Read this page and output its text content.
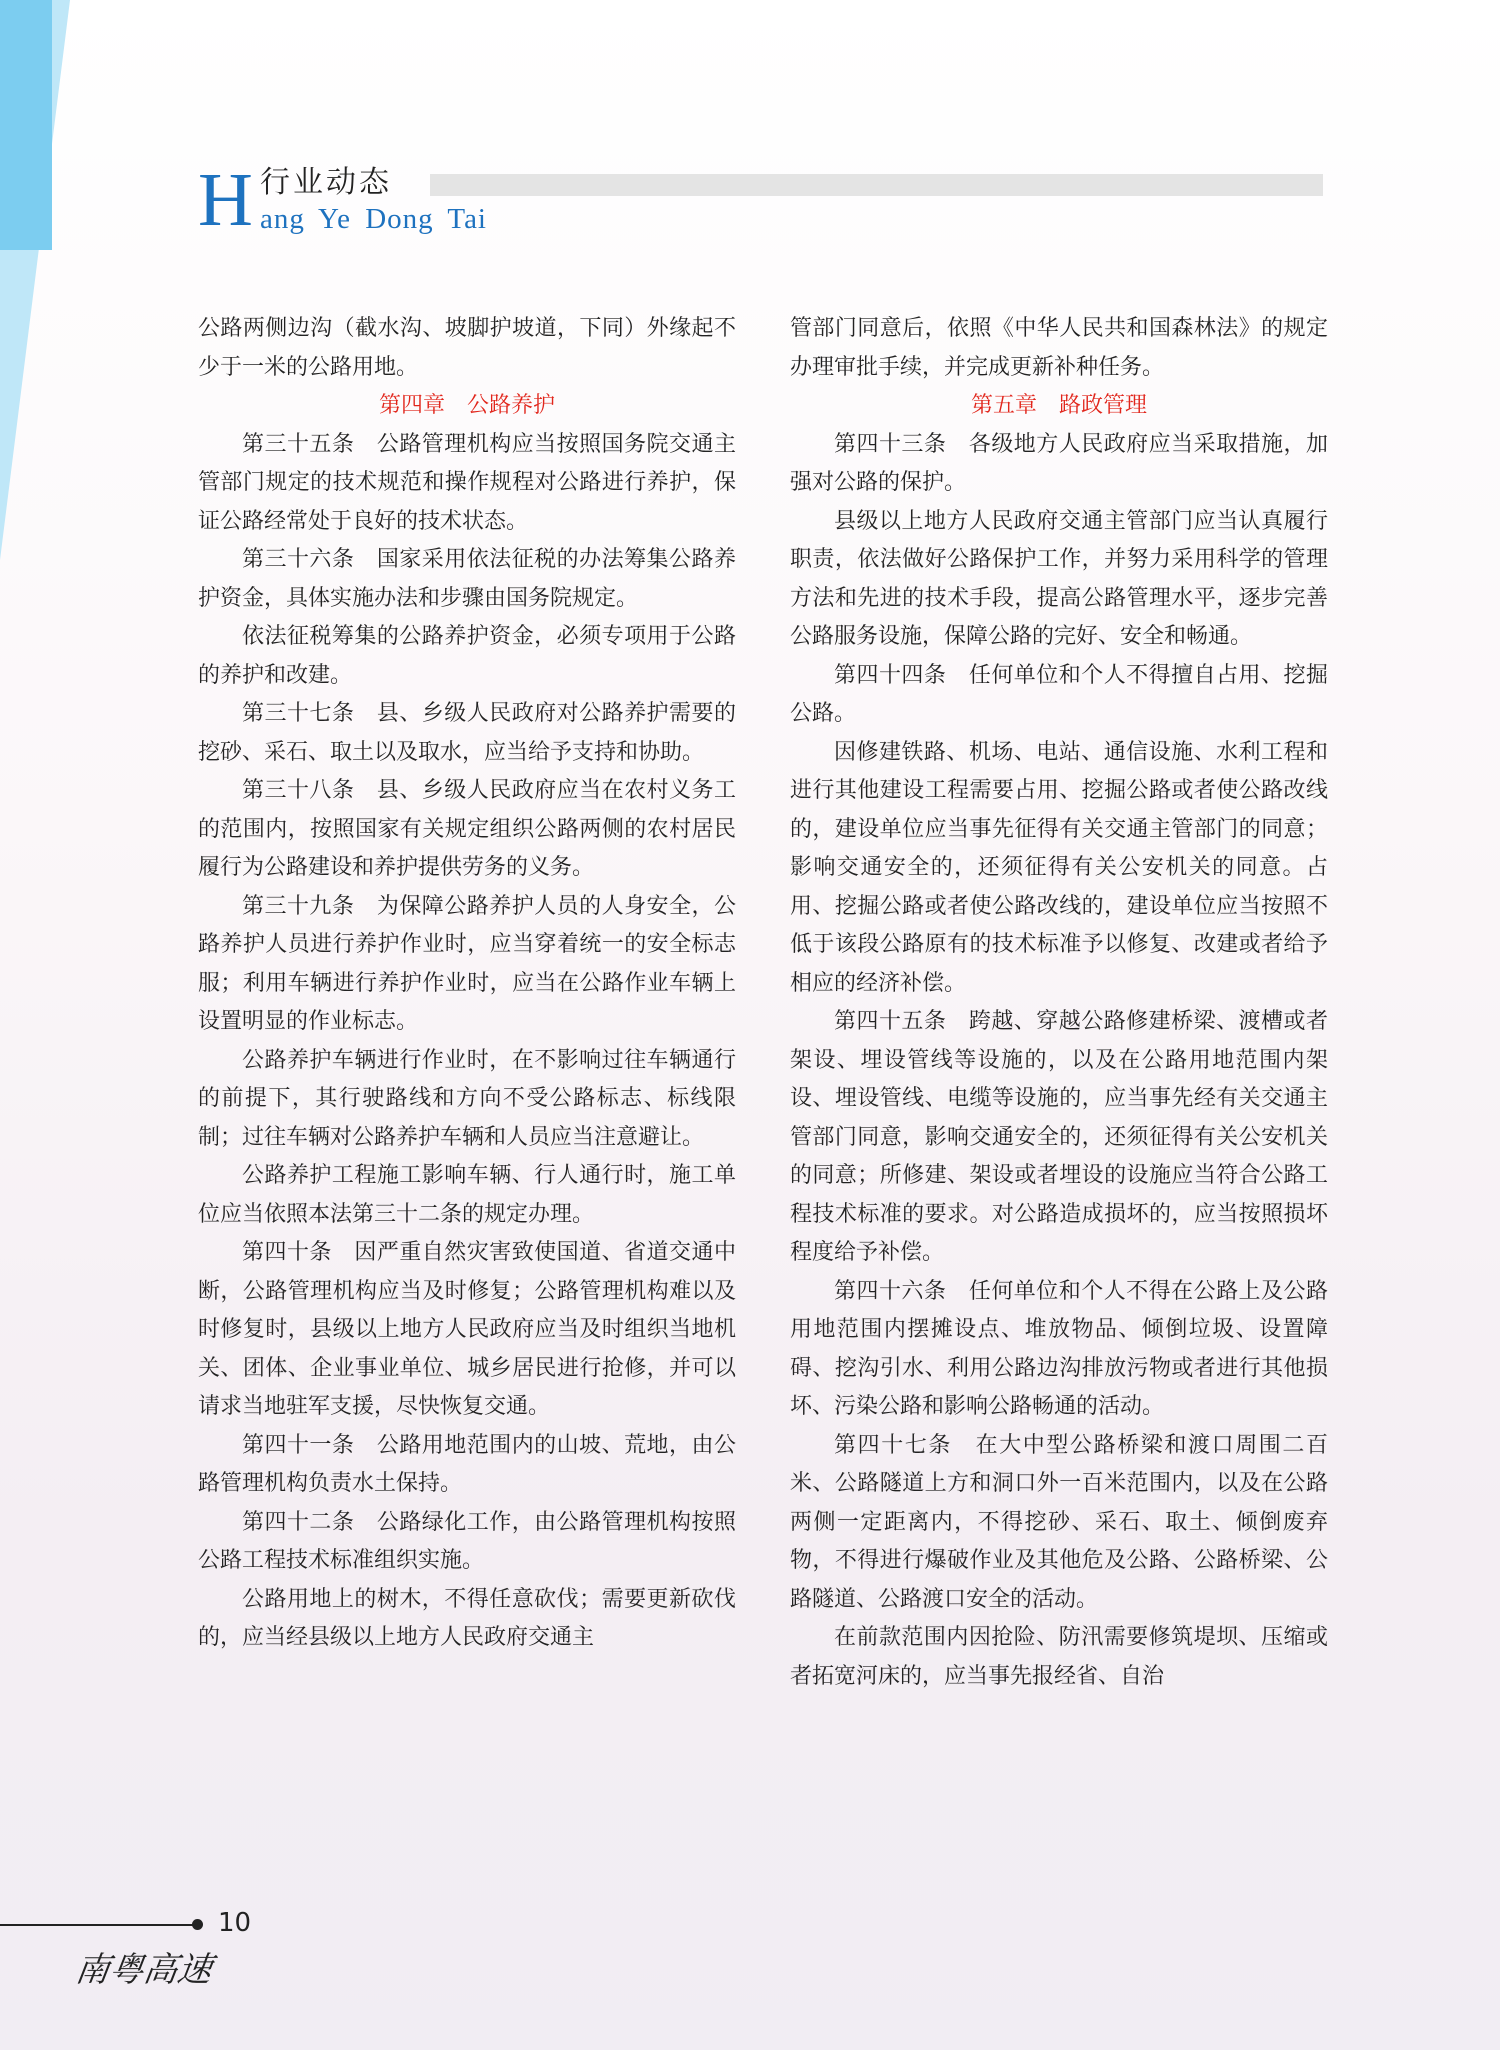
H 行业动态
ang Ye Dong Tai

公路两侧边沟（截水沟、坡脚护坡道，下同）外缘起不少于一米的公路用地。

第四章　公路养护

第三十五条　公路管理机构应当按照国务院交通主管部门规定的技术规范和操作规程对公路进行养护，保证公路经常处于良好的技术状态。

第三十六条　国家采用依法征税的办法筹集公路养护资金，具体实施办法和步骤由国务院规定。

依法征税筹集的公路养护资金，必须专项用于公路的养护和改建。

第三十七条　县、乡级人民政府对公路养护需要的挖砂、采石、取土以及取水，应当给予支持和协助。

第三十八条　县、乡级人民政府应当在农村义务工的范围内，按照国家有关规定组织公路两侧的农村居民履行为公路建设和养护提供劳务的义务。

第三十九条　为保障公路养护人员的人身安全，公路养护人员进行养护作业时，应当穿着统一的安全标志服；利用车辆进行养护作业时，应当在公路作业车辆上设置明显的作业标志。

公路养护车辆进行作业时，在不影响过往车辆通行的前提下，其行驶路线和方向不受公路标志、标线限制；过往车辆对公路养护车辆和人员应当注意避让。

公路养护工程施工影响车辆、行人通行时，施工单位应当依照本法第三十二条的规定办理。

第四十条　因严重自然灾害致使国道、省道交通中断，公路管理机构应当及时修复；公路管理机构难以及时修复时，县级以上地方人民政府应当及时组织当地机关、团体、企业事业单位、城乡居民进行抢修，并可以请求当地驻军支援，尽快恢复交通。

第四十一条　公路用地范围内的山坡、荒地，由公路管理机构负责水土保持。

第四十二条　公路绿化工作，由公路管理机构按照公路工程技术标准组织实施。

公路用地上的树木，不得任意砍伐；需要更新砍伐的，应当经县级以上地方人民政府交通主

管部门同意后，依照《中华人民共和国森林法》的规定办理审批手续，并完成更新补种任务。

第五章　路政管理

第四十三条　各级地方人民政府应当采取措施，加强对公路的保护。

县级以上地方人民政府交通主管部门应当认真履行职责，依法做好公路保护工作，并努力采用科学的管理方法和先进的技术手段，提高公路管理水平，逐步完善公路服务设施，保障公路的完好、安全和畅通。

第四十四条　任何单位和个人不得擅自占用、挖掘公路。

因修建铁路、机场、电站、通信设施、水利工程和进行其他建设工程需要占用、挖掘公路或者使公路改线的，建设单位应当事先征得有关交通主管部门的同意；影响交通安全的，还须征得有关公安机关的同意。占用、挖掘公路或者使公路改线的，建设单位应当按照不低于该段公路原有的技术标准予以修复、改建或者给予相应的经济补偿。

第四十五条　跨越、穿越公路修建桥梁、渡槽或者架设、埋设管线等设施的，以及在公路用地范围内架设、埋设管线、电缆等设施的，应当事先经有关交通主管部门同意，影响交通安全的，还须征得有关公安机关的同意；所修建、架设或者埋设的设施应当符合公路工程技术标准的要求。对公路造成损坏的，应当按照损坏程度给予补偿。

第四十六条　任何单位和个人不得在公路上及公路用地范围内摆摊设点、堆放物品、倾倒垃圾、设置障碍、挖沟引水、利用公路边沟排放污物或者进行其他损坏、污染公路和影响公路畅通的活动。

第四十七条　在大中型公路桥梁和渡口周围二百米、公路隧道上方和洞口外一百米范围内，以及在公路两侧一定距离内，不得挖砂、采石、取土、倾倒废弃物，不得进行爆破作业及其他危及公路、公路桥梁、公路隧道、公路渡口安全的活动。

在前款范围内因抢险、防汛需要修筑堤坝、压缩或者拓宽河床的，应当事先报经省、自治

10
南粤高速
